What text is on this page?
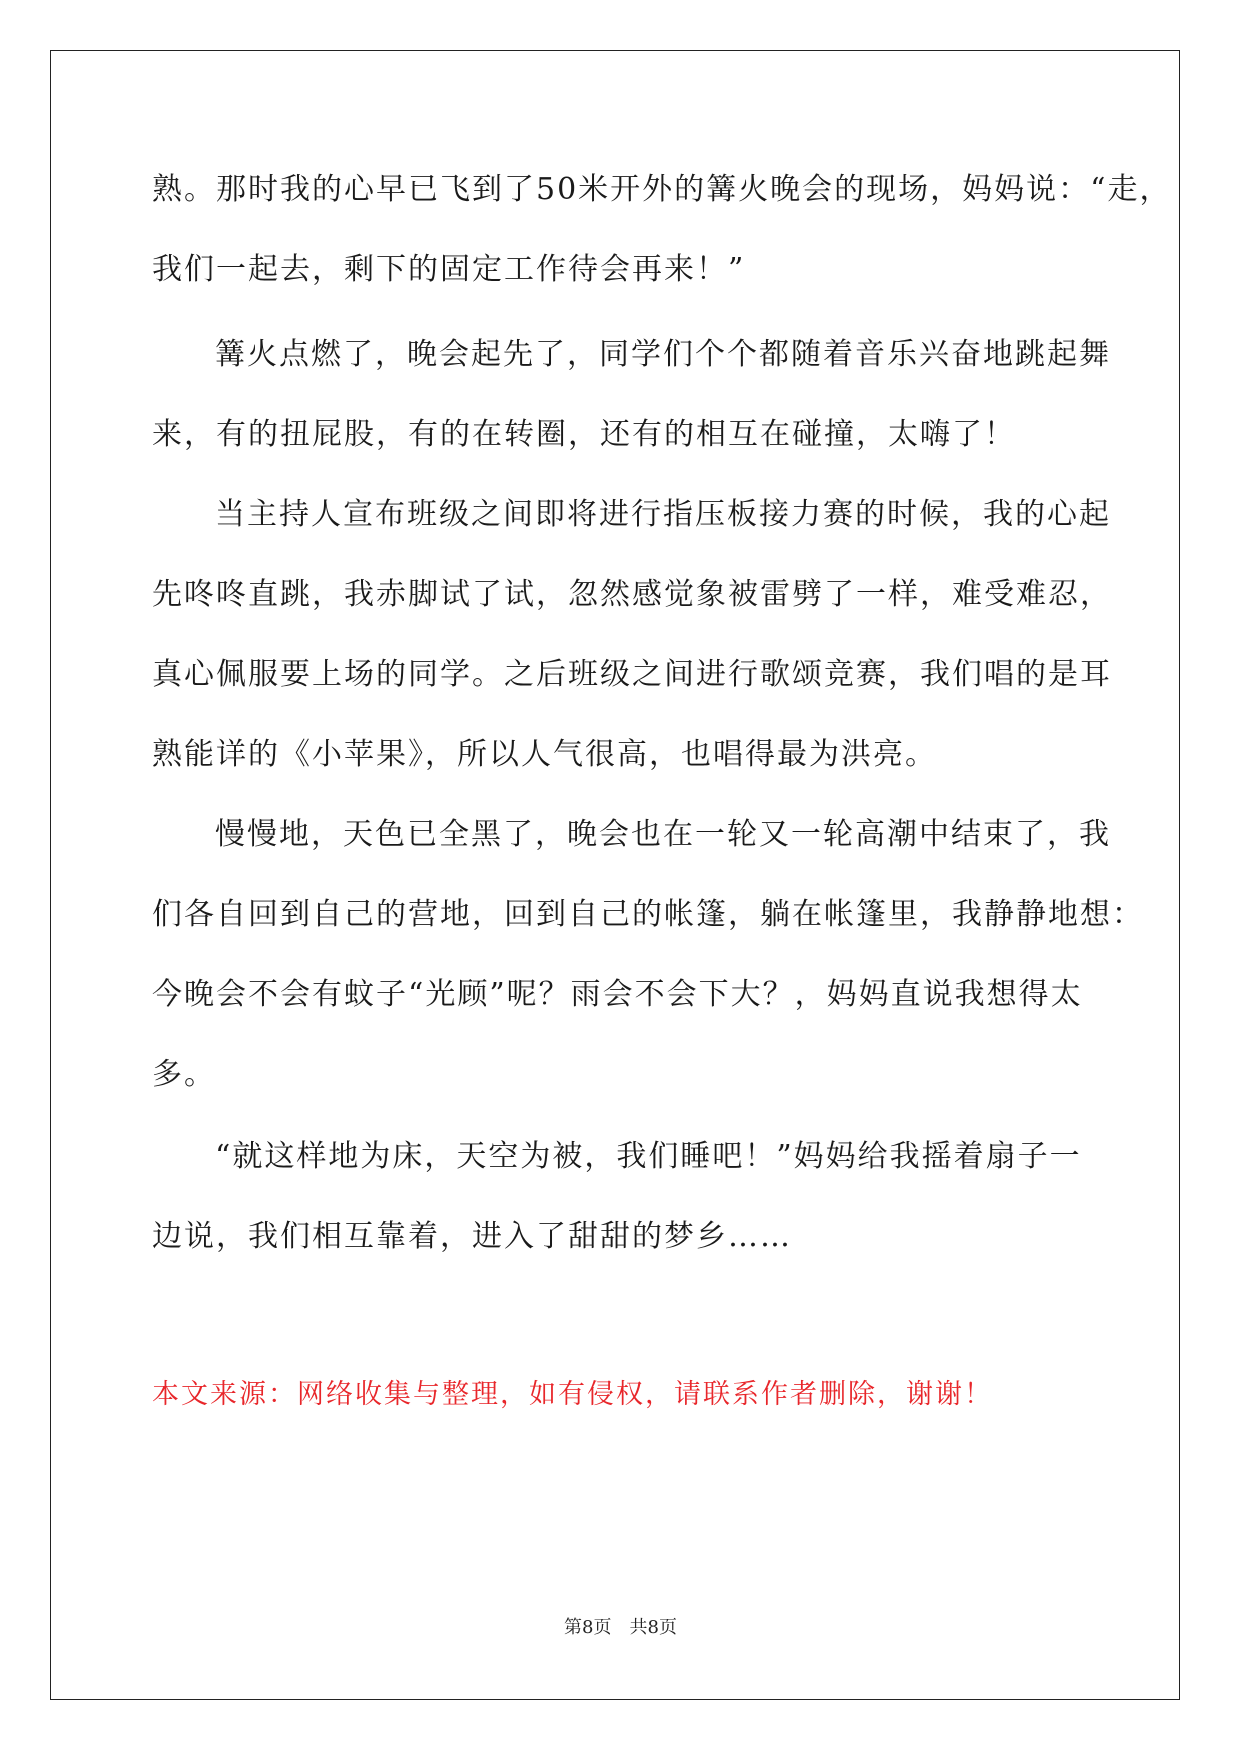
熟。那时我的心早已飞到了50米开外的篝火晚会的现场，妈妈说：“走，
我们一起去，剩下的固定工作待会再来！”
篝火点燃了，晚会起先了，同学们个个都随着音乐兴奋地跳起舞
来，有的扭屁股，有的在转圈，还有的相互在碰撞，太嗨了！
当主持人宣布班级之间即将进行指压板接力赛的时候，我的心起
先咚咚直跳，我赤脚试了试，忽然感觉象被雷劈了一样，难受难忍，
真心佩服要上场的同学。之后班级之间进行歌颂竞赛，我们唱的是耳
熟能详的《小苹果》，所以人气很高，也唱得最为洪亮。
慢慢地，天色已全黑了，晚会也在一轮又一轮高潮中结束了，我
们各自回到自己的营地，回到自己的帐篷，躺在帐篷里，我静静地想：
今晚会不会有蚊子“光顾”呢？雨会不会下大？，妈妈直说我想得太
多。
“就这样地为床，天空为被，我们睡吧！”妈妈给我摇着扇子一
边说，我们相互靠着，进入了甜甜的梦乡……
本文来源：网络收集与整理，如有侵权，请联系作者删除，谢谢！
第8页 共8页
